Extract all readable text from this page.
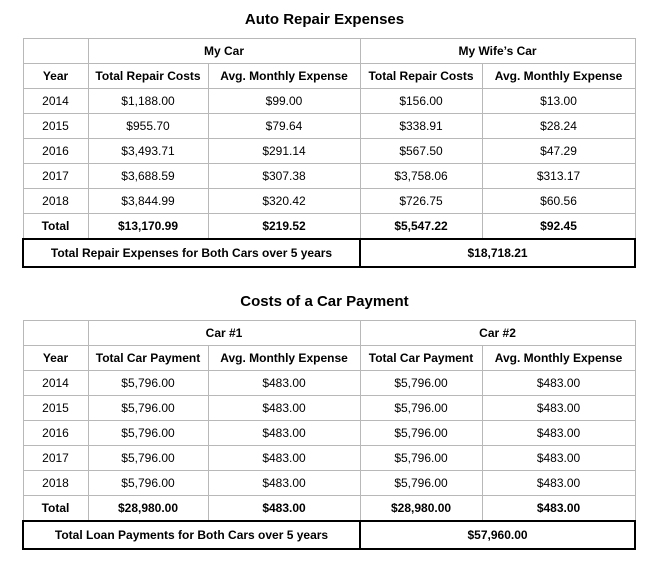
Auto Repair Expenses
	My Car		My Wife’s Car	
Year	Total Repair Costs	Avg. Monthly Expense	Total Repair Costs	Avg. Monthly Expense
2014	$1,188.00	$99.00	$156.00	$13.00
2015	$955.70	$79.64	$338.91	$28.24
2016	$3,493.71	$291.14	$567.50	$47.29
2017	$3,688.59	$307.38	$3,758.06	$313.17
2018	$3,844.99	$320.42	$726.75	$60.56
Total	$13,170.99	$219.52	$5,547.22	$92.45
Total Repair Expenses for Both Cars over 5 years			$18,718.21	
Costs of a Car Payment
	Car #1		Car #2	
Year	Total Car Payment	Avg. Monthly Expense	Total Car Payment	Avg. Monthly Expense
2014	$5,796.00	$483.00	$5,796.00	$483.00
2015	$5,796.00	$483.00	$5,796.00	$483.00
2016	$5,796.00	$483.00	$5,796.00	$483.00
2017	$5,796.00	$483.00	$5,796.00	$483.00
2018	$5,796.00	$483.00	$5,796.00	$483.00
Total	$28,980.00	$483.00	$28,980.00	$483.00
Total Loan Payments for Both Cars over 5 years			$57,960.00	
